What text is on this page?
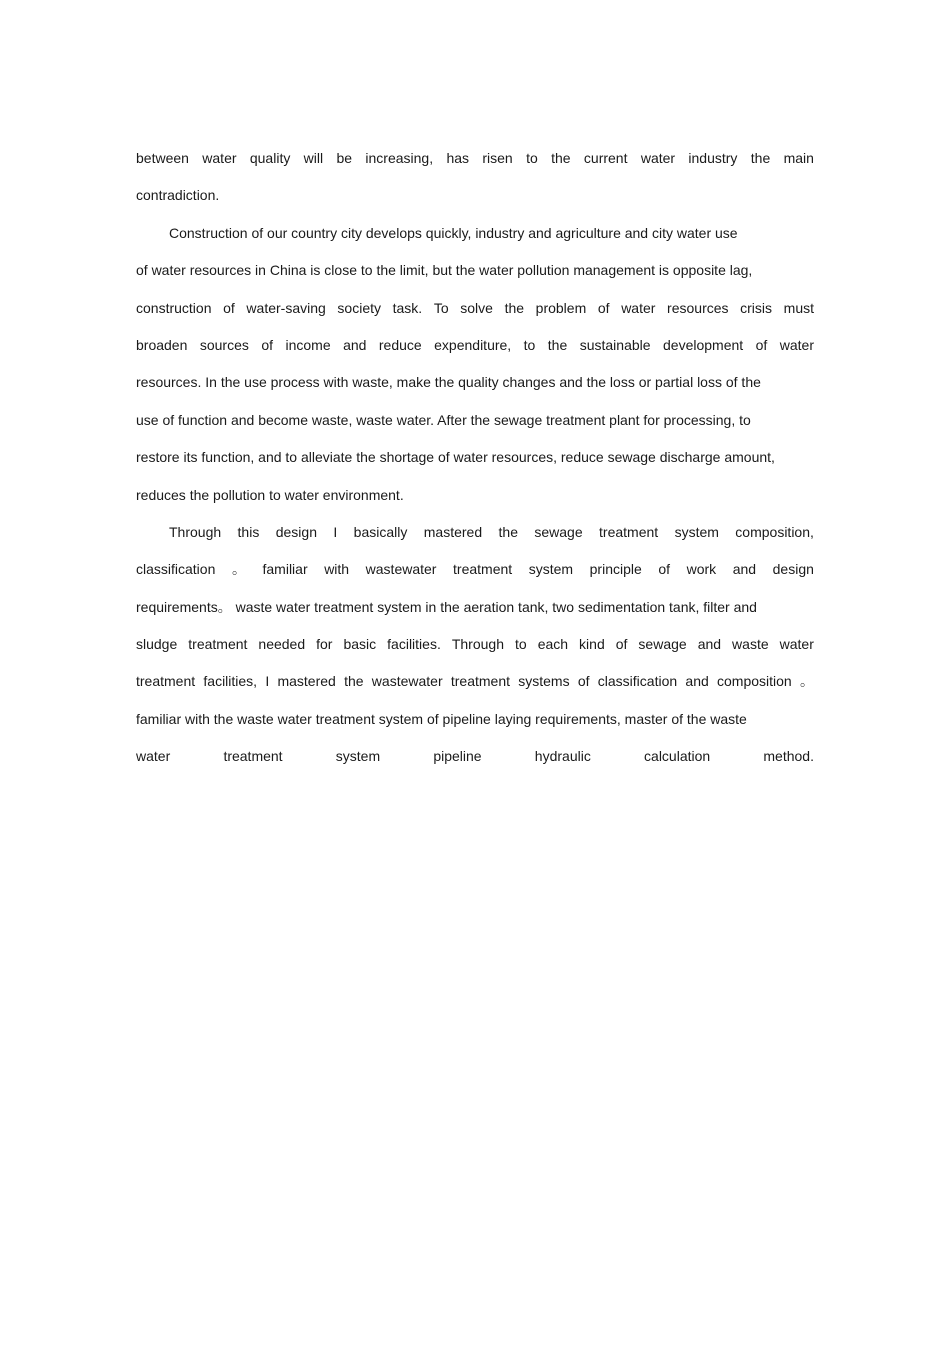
between water quality will be increasing, has risen to the current water industry the main
contradiction.
Construction of our country city develops quickly, industry and agriculture and city water use
of water resources in China is close to the limit, but the water pollution management is opposite lag,
construction of water-saving society task. To solve the problem of water resources crisis must
broaden sources of income and reduce expenditure, to the sustainable development of water
resources. In the use process with waste, make the quality changes and the loss or partial loss of the
use of function and become waste, waste water. After the sewage treatment plant for processing, to
restore its function, and to alleviate the shortage of water resources, reduce sewage discharge amount,
reduces the pollution to water environment.
Through this design I basically mastered the sewage treatment system composition,
classification 。 familiar with wastewater treatment system principle of work and design
requirements。 waste water treatment system in the aeration tank, two sedimentation tank, filter and
sludge treatment needed for basic facilities. Through to each kind of sewage and waste water
treatment facilities, I mastered the wastewater treatment systems of classification and composition 。
familiar with the waste water treatment system of pipeline laying requirements, master of the waste
water	treatment	system	pipeline	hydraulic	calculation	method.
